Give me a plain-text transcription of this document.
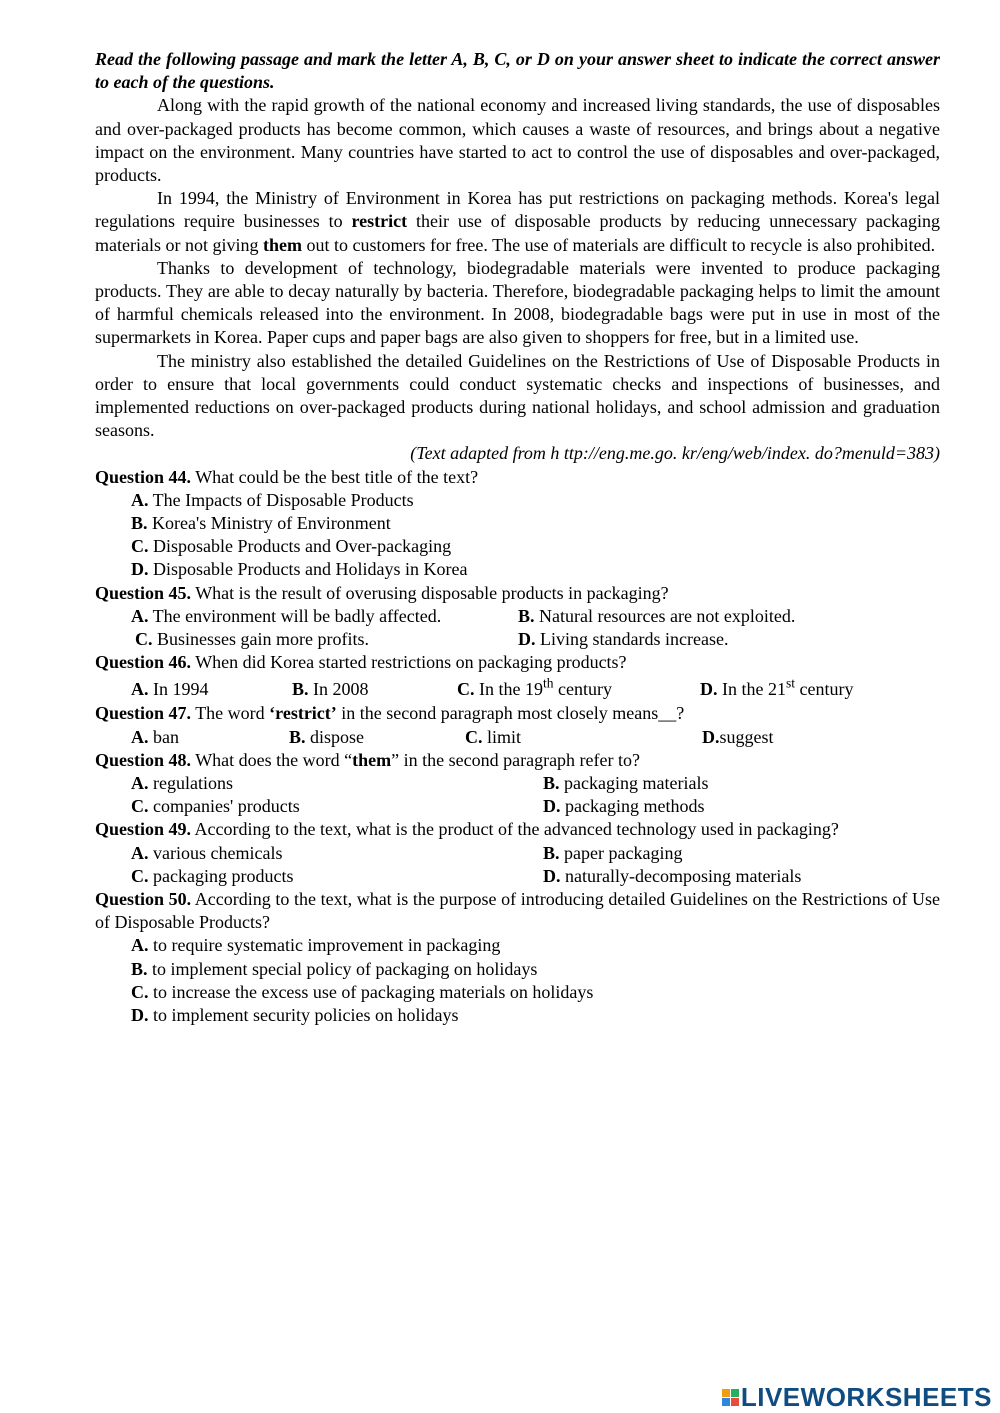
Read the following passage and mark the letter A, B, C, or D on your answer sheet to indicate the correct answer to each of the questions.
Along with the rapid growth of the national economy and increased living standards, the use of disposables and over-packaged products has become common, which causes a waste of resources, and brings about a negative impact on the environment. Many countries have started to act to control the use of disposables and over-packaged, products.
In 1994, the Ministry of Environment in Korea has put restrictions on packaging methods. Korea's legal regulations require businesses to restrict their use of disposable products by reducing unnecessary packaging materials or not giving them out to customers for free. The use of materials are difficult to recycle is also prohibited.
Thanks to development of technology, biodegradable materials were invented to produce packaging products. They are able to decay naturally by bacteria. Therefore, biodegradable packaging helps to limit the amount of harmful chemicals released into the environment. In 2008, biodegradable bags were put in use in most of the supermarkets in Korea. Paper cups and paper bags are also given to shoppers for free, but in a limited use.
The ministry also established the detailed Guidelines on the Restrictions of Use of Disposable Products in order to ensure that local governments could conduct systematic checks and inspections of businesses, and implemented reductions on over-packaged products during national holidays, and school admission and graduation seasons.
(Text adapted from h ttp://eng.me.go. kr/eng/web/index. do?menuld=383)
Question 44. What could be the best title of the text?
A. The Impacts of Disposable Products
B. Korea's Ministry of Environment
C. Disposable Products and Over-packaging
D. Disposable Products and Holidays in Korea
Question 45. What is the result of overusing disposable products in packaging?
A. The environment will be badly affected.	B. Natural resources are not exploited.
C. Businesses gain more profits.	D. Living standards increase.
Question 46. When did Korea started restrictions on packaging products?
A. In 1994	B. In 2008	C. In the 19th century	D. In the 21st century
Question 47. The word ‘restrict’ in the second paragraph most closely means__?
A. ban	B. dispose	C. limit	D.suggest
Question 48. What does the word “them” in the second paragraph refer to?
A. regulations	B. packaging materials
C. companies' products	D. packaging methods
Question 49. According to the text, what is the product of the advanced technology used in packaging?
A. various chemicals	B. paper packaging
C. packaging products	D. naturally-decomposing materials
Question 50. According to the text, what is the purpose of introducing detailed Guidelines on the Restrictions of Use of Disposable Products?
A. to require systematic improvement in packaging
B. to implement special policy of packaging on holidays
C. to increase the excess use of packaging materials on holidays
D. to implement security policies on holidays
LIVEWORKSHEETS
